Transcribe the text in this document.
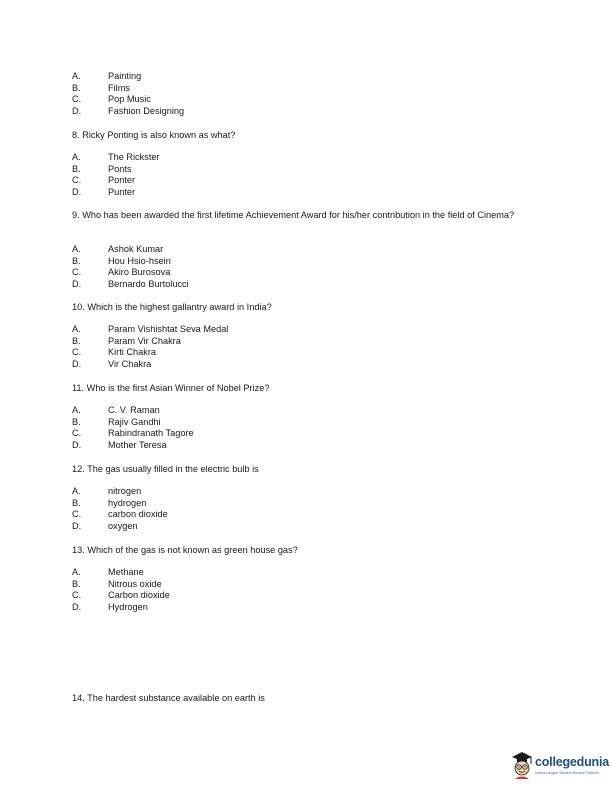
A.	Painting
B.	Films
C.	Pop Music
D.	Fashion Designing
8. Ricky Ponting is also known as what?
A.	The Rickster
B.	Ponts
C.	Ponter
D.	Punter
9. Who has been awarded the first lifetime Achievement Award for his/her contribution in the field of Cinema?
A.	Ashok Kumar
B.	Hou Hsio-hsein
C.	Akiro Burosova
D.	Bernardo Burtolucci
10. Which is the highest gallantry award in India?
A.	Param Vishishtat Seva Medal
B.	Param Vir Chakra
C.	Kirti Chakra
D.	Vir Chakra
11. Who is the first Asian Winner of Nobel Prize?
A.	C. V. Raman
B.	Rajiv Gandhi
C.	Rabindranath Tagore
D.	Mother Teresa
12. The gas usually filled in the electric bulb is
A.	nitrogen
B.	hydrogen
C.	carbon dioxide
D.	oxygen
13. Which of the gas is not known as green house gas?
A.	Methane
B.	Nitrous oxide
C.	Carbon dioxide
D.	Hydrogen
14. The hardest substance available on earth is
collegedunia
India's Largest Student Review Platform
